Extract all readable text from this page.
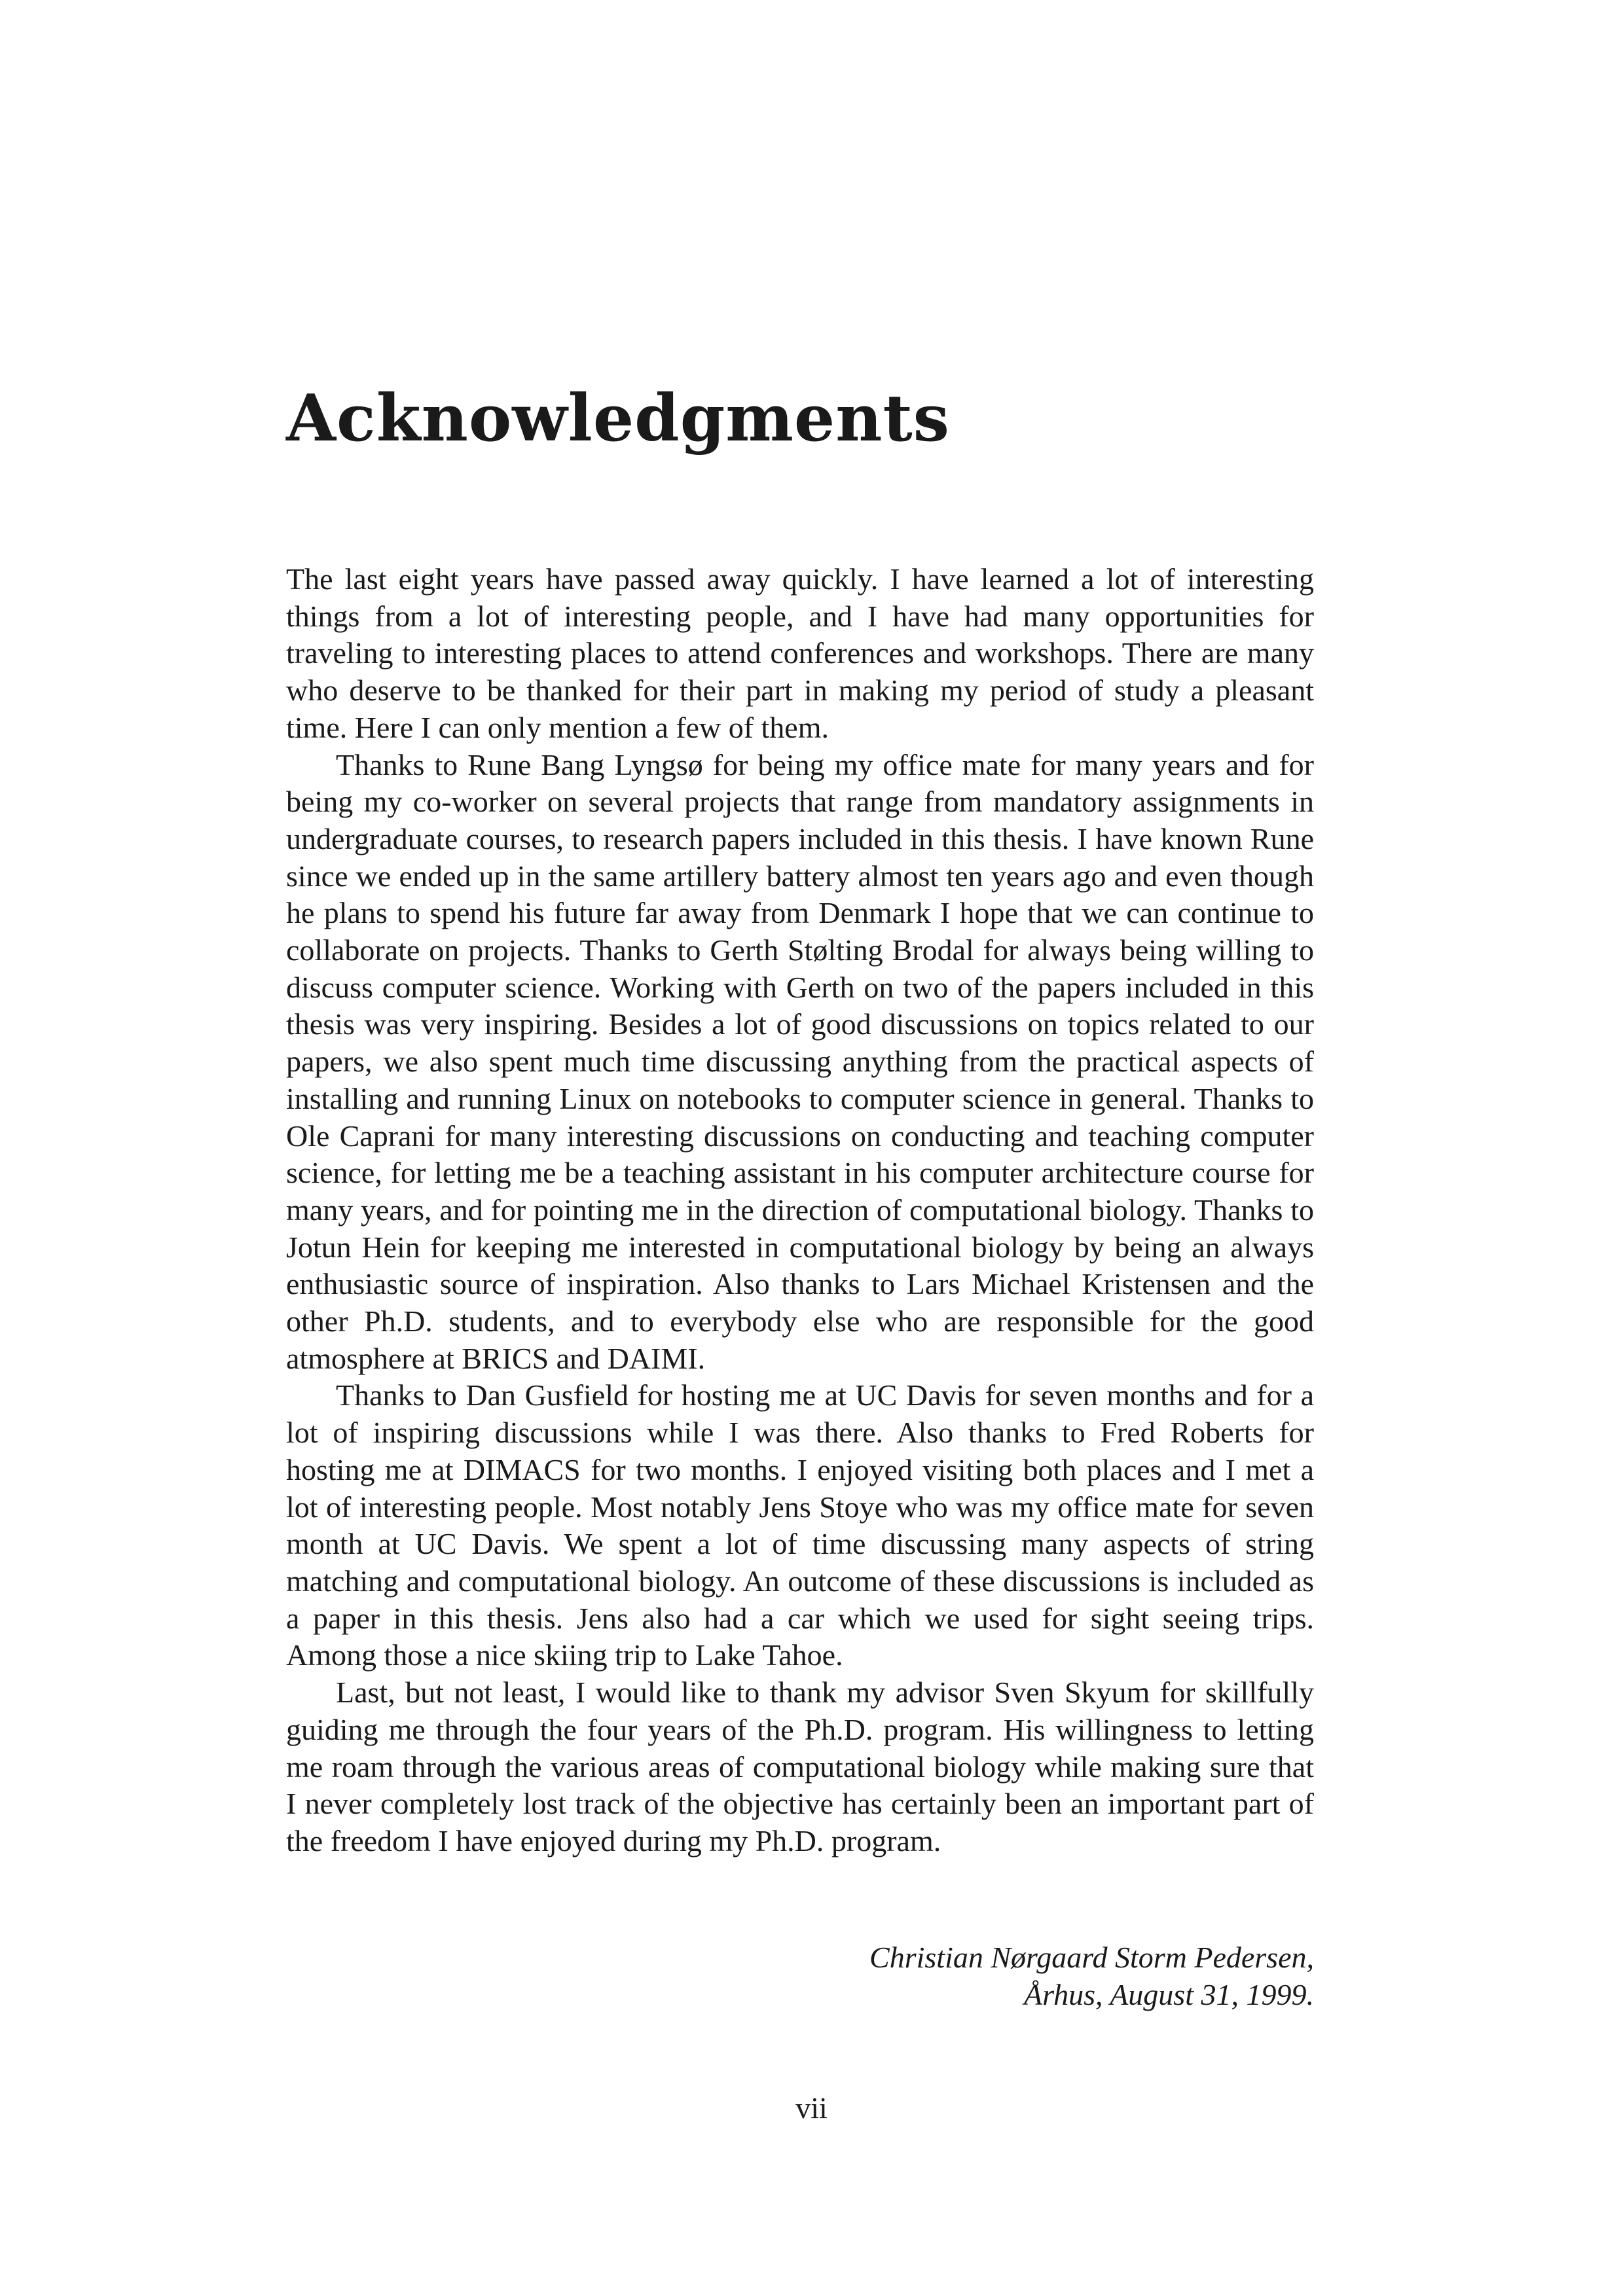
Acknowledgments

The last eight years have passed away quickly. I have learned a lot of interesting things from a lot of interesting people, and I have had many opportunities for traveling to interesting places to attend conferences and workshops. There are many who deserve to be thanked for their part in making my period of study a pleasant time. Here I can only mention a few of them.

Thanks to Rune Bang Lyngsø for being my office mate for many years and for being my co-worker on several projects that range from mandatory assignments in undergraduate courses, to research papers included in this thesis. I have known Rune since we ended up in the same artillery battery almost ten years ago and even though he plans to spend his future far away from Denmark I hope that we can continue to collaborate on projects. Thanks to Gerth Stølting Brodal for always being willing to discuss computer science. Working with Gerth on two of the papers included in this thesis was very inspiring. Besides a lot of good discussions on topics related to our papers, we also spent much time discussing anything from the practical aspects of installing and running Linux on notebooks to computer science in general. Thanks to Ole Caprani for many interesting discussions on conducting and teaching computer science, for letting me be a teaching assistant in his computer architecture course for many years, and for pointing me in the direction of computational biology. Thanks to Jotun Hein for keeping me interested in computational biology by being an always enthusiastic source of inspiration. Also thanks to Lars Michael Kristensen and the other Ph.D. students, and to everybody else who are responsible for the good atmosphere at BRICS and DAIMI.

Thanks to Dan Gusfield for hosting me at UC Davis for seven months and for a lot of inspiring discussions while I was there. Also thanks to Fred Roberts for hosting me at DIMACS for two months. I enjoyed visiting both places and I met a lot of interesting people. Most notably Jens Stoye who was my office mate for seven month at UC Davis. We spent a lot of time discussing many aspects of string matching and computational biology. An outcome of these discussions is included as a paper in this thesis. Jens also had a car which we used for sight seeing trips. Among those a nice skiing trip to Lake Tahoe.

Last, but not least, I would like to thank my advisor Sven Skyum for skillfully guiding me through the four years of the Ph.D. program. His willingness to letting me roam through the various areas of computational biology while making sure that I never completely lost track of the objective has certainly been an important part of the freedom I have enjoyed during my Ph.D. program.

Christian Nørgaard Storm Pedersen,
Århus, August 31, 1999.
vii
